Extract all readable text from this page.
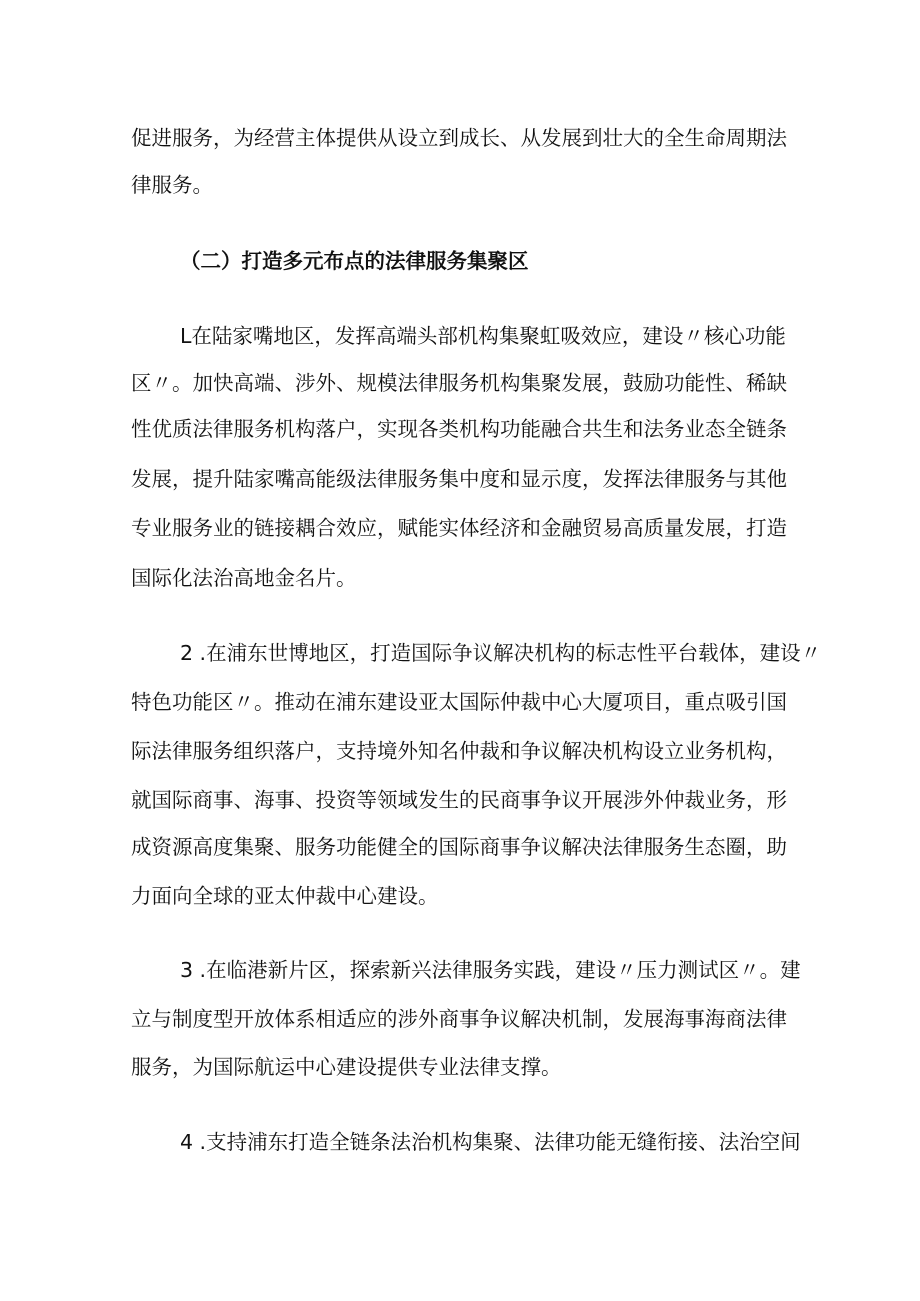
促进服务，为经营主体提供从设立到成长、从发展到壮大的全生命周期法
律服务。
（二）打造多元布点的法律服务集聚区
L在陆家嘴地区，发挥高端头部机构集聚虹吸效应，建设〃核心功能
区〃。加快高端、涉外、规模法律服务机构集聚发展，鼓励功能性、稀缺
性优质法律服务机构落户，实现各类机构功能融合共生和法务业态全链条
发展，提升陆家嘴高能级法律服务集中度和显示度，发挥法律服务与其他
专业服务业的链接耦合效应，赋能实体经济和金融贸易高质量发展，打造
国际化法治高地金名片。
2 .在浦东世博地区，打造国际争议解决机构的标志性平台载体，建设〃
特色功能区〃。推动在浦东建设亚太国际仲裁中心大厦项目，重点吸引国
际法律服务组织落户，支持境外知名仲裁和争议解决机构设立业务机构，
就国际商事、海事、投资等领域发生的民商事争议开展涉外仲裁业务，形
成资源高度集聚、服务功能健全的国际商事争议解决法律服务生态圈，助
力面向全球的亚太仲裁中心建设。
3 .在临港新片区，探索新兴法律服务实践，建设〃压力测试区〃。建
立与制度型开放体系相适应的涉外商事争议解决机制，发展海事海商法律
服务，为国际航运中心建设提供专业法律支撑。
4 .支持浦东打造全链条法治机构集聚、法律功能无缝衔接、法治空间
